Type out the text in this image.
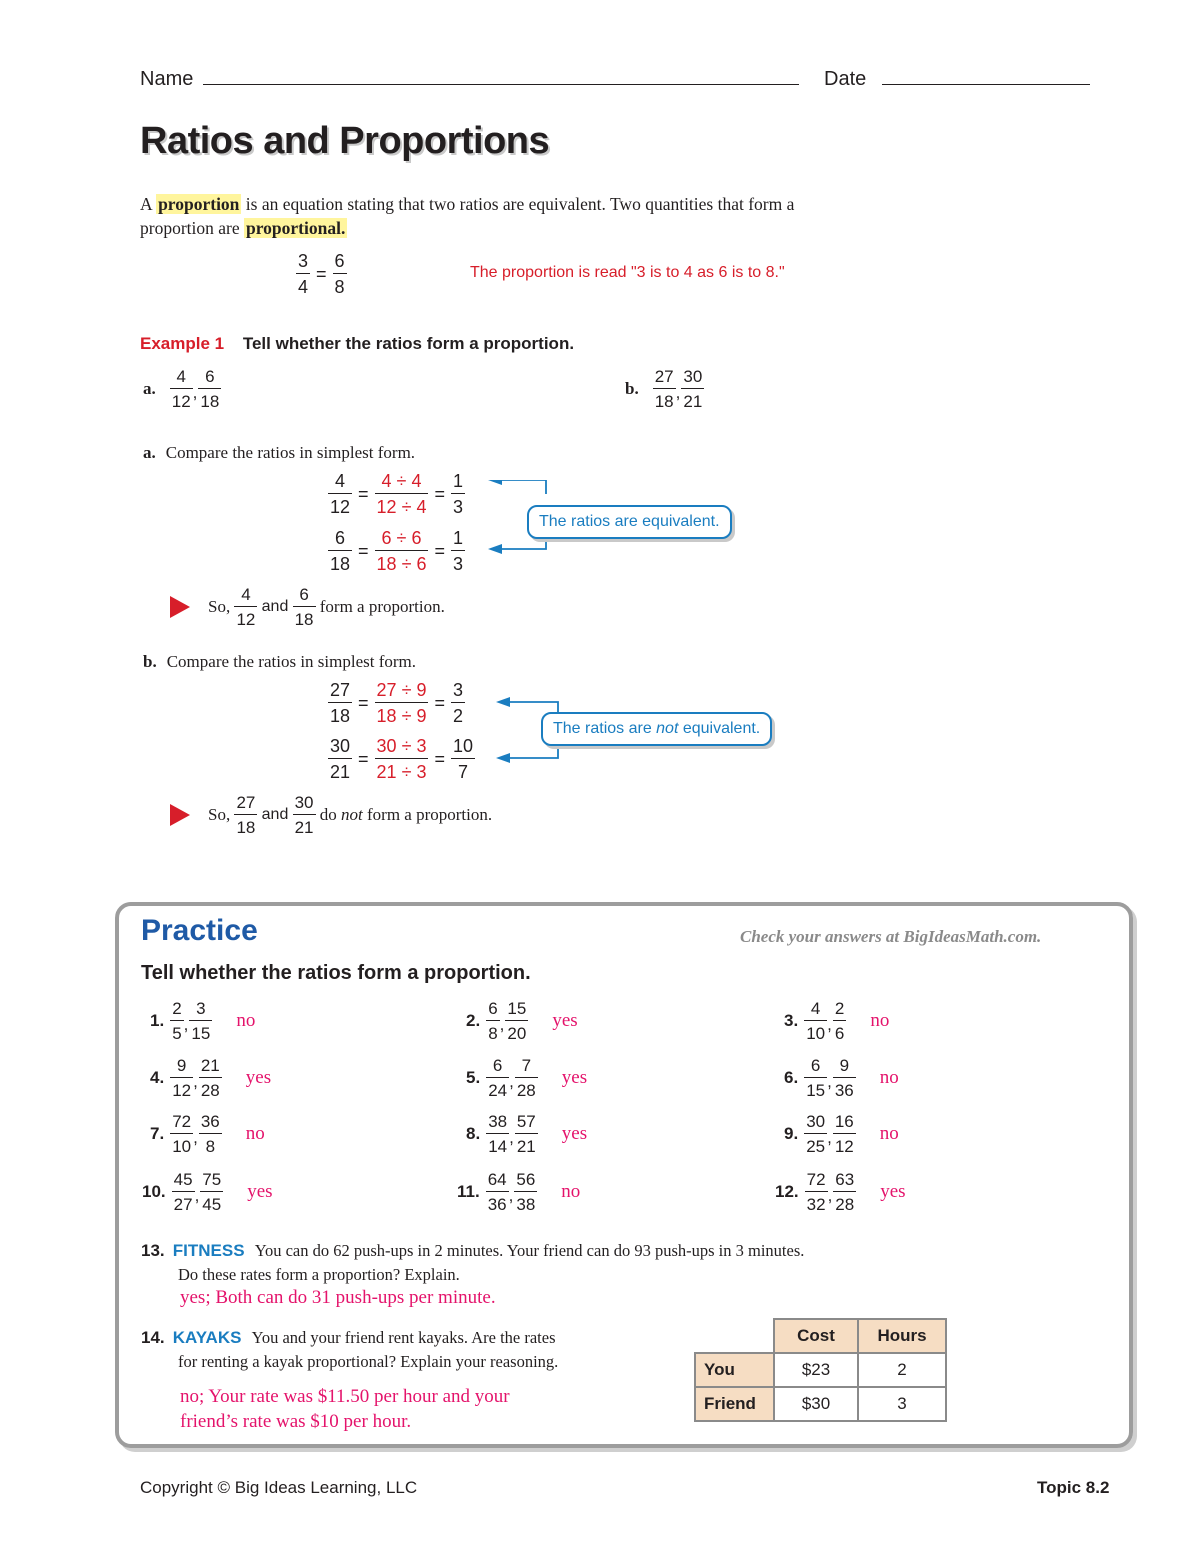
Name	Date
Ratios and Proportions
A proportion is an equation stating that two ratios are equivalent. Two quantities that form a
proportion are proportional.
$\frac{3}{4} = \frac{6}{8}$	The proportion is read "3 is to 4 as 6 is to 8."
Example 1 Tell whether the ratios form a proportion.
a. $\frac{4}{12}$ , $\frac{6}{18}$	b. $\frac{27}{18}$ , $\frac{30}{21}$
a. Compare the ratios in simplest form.
$\frac{4}{12} = \frac{4 \div 4}{12 \div 4} = \frac{1}{3}$
$\frac{6}{18} = \frac{6 \div 6}{18 \div 6} = \frac{1}{3}$
The ratios are equivalent.
So, $\frac{4}{12}$ and $\frac{6}{18}$ form a proportion.
b. Compare the ratios in simplest form.
$\frac{27}{18} = \frac{27 \div 9}{18 \div 9} = \frac{3}{2}$
$\frac{30}{21} = \frac{30 \div 3}{21 \div 3} = \frac{10}{7}$
The ratios are not equivalent.
So, $\frac{27}{18}$ and $\frac{30}{21}$ do not form a proportion.
Practice	Check your answers at BigIdeasMath.com.
Tell whether the ratios form a proportion.
1. $\frac{2}{5}$ , $\frac{3}{15}$ no	2. $\frac{6}{8}$ , $\frac{15}{20}$ yes	3. $\frac{4}{10}$ , $\frac{2}{6}$ no
4. $\frac{9}{12}$ , $\frac{21}{28}$ yes	5. $\frac{6}{24}$ , $\frac{7}{28}$ yes	6. $\frac{6}{15}$ , $\frac{9}{36}$ no
7. $\frac{72}{10}$ , $\frac{36}{8}$ no	8. $\frac{38}{14}$ , $\frac{57}{21}$ yes	9. $\frac{30}{25}$ , $\frac{16}{12}$ no
10. $\frac{45}{27}$ , $\frac{75}{45}$ yes	11. $\frac{64}{36}$ , $\frac{56}{38}$ no	12. $\frac{72}{32}$ , $\frac{63}{28}$ yes
13. FITNESS You can do 62 push-ups in 2 minutes. Your friend can do 93 push-ups in 3 minutes.
Do these rates form a proportion? Explain.
yes; Both can do 31 push-ups per minute.
14. KAYAKS You and your friend rent kayaks. Are the rates
for renting a kayak proportional? Explain your reasoning.
no; Your rate was $11.50 per hour and your
friend’s rate was $10 per hour.
	Cost	Hours
You	$23	2
Friend	$30	3
Copyright © Big Ideas Learning, LLC	Topic 8.2
